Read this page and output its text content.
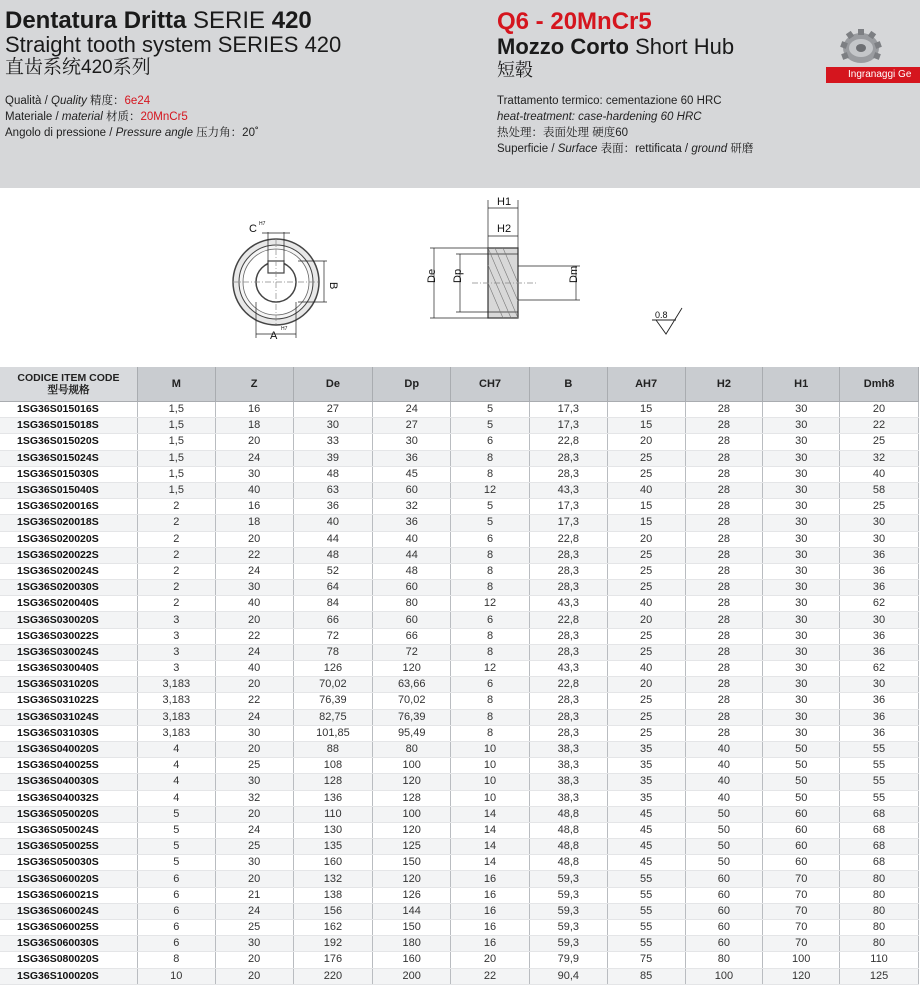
Dentatura Dritta SERIE 420
Straight tooth system SERIES 420
直齿系统420系列
Qualità / Quality 精度：6e24
Materiale / material 材质：20MnCr5
Angolo di pressione / Pressure angle 压力角：20˚
Q6 - 20MnCr5
Mozzo Corto Short Hub
短毂
Trattamento termico: cementazione 60 HRC
heat-treatment: case-hardening 60 HRC
热处理：表面处理 硬度60
Superficie / Surface 表面：rettificata / ground 研磨
Ingranaggi Ge
C H7
B
A
H7
H1
H2
De Dp	Dm
0.8
CODICE ITEM CODE
型号规格	M	Z	De	Dp	CH7	B	AH7	H2	H1	Dmh8
1SG36S015016S	1,5	16	27	24	5	17,3	15	28	30	20
1SG36S015018S	1,5	18	30	27	5	17,3	15	28	30	22
1SG36S015020S	1,5	20	33	30	6	22,8	20	28	30	25
1SG36S015024S	1,5	24	39	36	8	28,3	25	28	30	32
1SG36S015030S	1,5	30	48	45	8	28,3	25	28	30	40
1SG36S015040S	1,5	40	63	60	12	43,3	40	28	30	58
1SG36S020016S	2	16	36	32	5	17,3	15	28	30	25
1SG36S020018S	2	18	40	36	5	17,3	15	28	30	30
1SG36S020020S	2	20	44	40	6	22,8	20	28	30	30
1SG36S020022S	2	22	48	44	8	28,3	25	28	30	36
1SG36S020024S	2	24	52	48	8	28,3	25	28	30	36
1SG36S020030S	2	30	64	60	8	28,3	25	28	30	36
1SG36S020040S	2	40	84	80	12	43,3	40	28	30	62
1SG36S030020S	3	20	66	60	6	22,8	20	28	30	30
1SG36S030022S	3	22	72	66	8	28,3	25	28	30	36
1SG36S030024S	3	24	78	72	8	28,3	25	28	30	36
1SG36S030040S	3	40	126	120	12	43,3	40	28	30	62
1SG36S031020S	3,183	20	70,02	63,66	6	22,8	20	28	30	30
1SG36S031022S	3,183	22	76,39	70,02	8	28,3	25	28	30	36
1SG36S031024S	3,183	24	82,75	76,39	8	28,3	25	28	30	36
1SG36S031030S	3,183	30	101,85	95,49	8	28,3	25	28	30	36
1SG36S040020S	4	20	88	80	10	38,3	35	40	50	55
1SG36S040025S	4	25	108	100	10	38,3	35	40	50	55
1SG36S040030S	4	30	128	120	10	38,3	35	40	50	55
1SG36S040032S	4	32	136	128	10	38,3	35	40	50	55
1SG36S050020S	5	20	110	100	14	48,8	45	50	60	68
1SG36S050024S	5	24	130	120	14	48,8	45	50	60	68
1SG36S050025S	5	25	135	125	14	48,8	45	50	60	68
1SG36S050030S	5	30	160	150	14	48,8	45	50	60	68
1SG36S060020S	6	20	132	120	16	59,3	55	60	70	80
1SG36S060021S	6	21	138	126	16	59,3	55	60	70	80
1SG36S060024S	6	24	156	144	16	59,3	55	60	70	80
1SG36S060025S	6	25	162	150	16	59,3	55	60	70	80
1SG36S060030S	6	30	192	180	16	59,3	55	60	70	80
1SG36S080020S	8	20	176	160	20	79,9	75	80	100	110
1SG36S100020S	10	20	220	200	22	90,4	85	100	120	125
